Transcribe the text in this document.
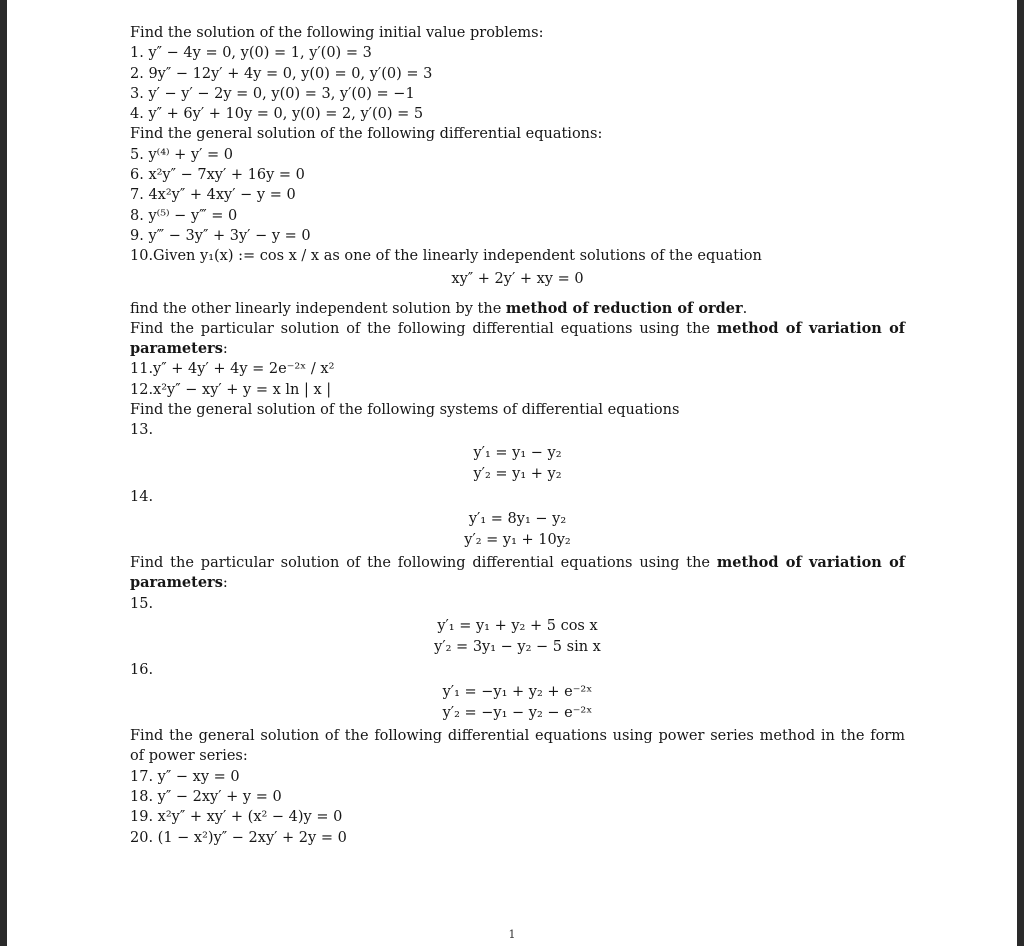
Find the solution of the following initial value problems:
1. y″ − 4y = 0, y(0) = 1, y′(0) = 3
2. 9y″ − 12y′ + 4y = 0, y(0) = 0, y′(0) = 3
3. y′ − y′ − 2y = 0, y(0) = 3, y′(0) = −1
4. y″ + 6y′ + 10y = 0, y(0) = 2, y′(0) = 5
Find the general solution of the following differential equations:
5. y⁽⁴⁾ + y′ = 0
6. x²y″ − 7xy′ + 16y = 0
7. 4x²y″ + 4xy′ − y = 0
8. y⁽⁵⁾ − y‴ = 0
9. y‴ − 3y″ + 3y′ − y = 0
10.Given y₁(x) := cos x / x as one of the linearly independent solutions of the equation
xy″ + 2y′ + xy = 0
find the other linearly independent solution by the method of reduction of order.
Find the particular solution of the following differential equations using the method of variation of parameters:
11.y″ + 4y′ + 4y = 2e⁻²ˣ / x²
12.x²y″ − xy′ + y = x ln | x |
Find the general solution of the following systems of differential equations
13.
y′₁ = y₁ − y₂
y′₂ = y₁ + y₂
14.
y′₁ = 8y₁ − y₂
y′₂ = y₁ + 10y₂
Find the particular solution of the following differential equations using the method of variation of parameters:
15.
y′₁ = y₁ + y₂ + 5 cos x
y′₂ = 3y₁ − y₂ − 5 sin x
16.
y′₁ = −y₁ + y₂ + e⁻²ˣ
y′₂ = −y₁ − y₂ − e⁻²ˣ
Find the general solution of the following differential equations using power series method in the form of power series:
17. y″ − xy = 0
18. y″ − 2xy′ + y = 0
19. x²y″ + xy′ + (x² − 4)y = 0
20. (1 − x²)y″ − 2xy′ + 2y = 0
1
